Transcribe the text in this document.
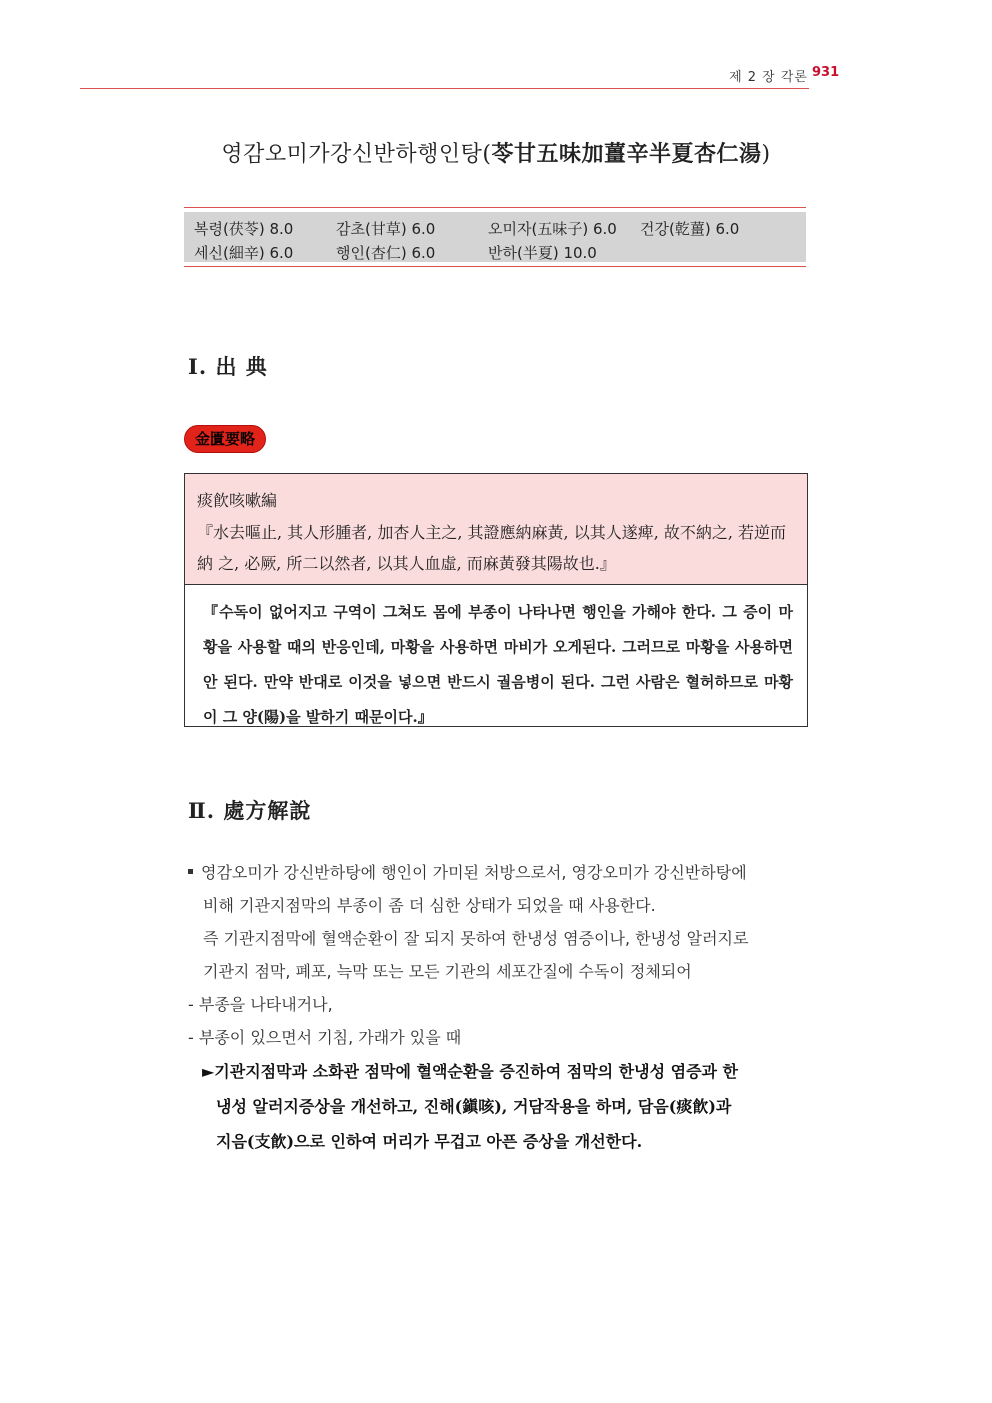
제 2 장 각론 931
영감오미가강신반하행인탕(苓甘五味加薑辛半夏杏仁湯)
복령(茯苓) 8.0	감초(甘草) 6.0	오미자(五味子) 6.0 건강(乾薑) 6.0
세신(細辛) 6.0	행인(杏仁) 6.0	반하(半夏) 10.0
Ⅰ. 出 典
金匱要略
痰飮咳嗽編
『水去嘔止, 其人形腫者, 加杏人主之, 其證應納麻黃, 以其人遂痺, 故不納之, 若逆而納 之, 必厥, 所二以然者, 以其人血虛, 而麻黃發其陽故也.』
『수독이 없어지고 구역이 그쳐도 몸에 부종이 나타나면 행인을 가해야 한다. 그 증이 마황을 사용할 때의 반응인데, 마황을 사용하면 마비가 오게된다. 그러므로 마황을 사용하면 안 된다. 만약 반대로 이것을 넣으면 반드시 궐음병이 된다. 그런 사람은 혈허하므로 마황이 그 양(陽)을 발하기 때문이다.』
Ⅱ. 處方解說
영감오미가 강신반하탕에 행인이 가미된 처방으로서, 영강오미가 강신반하탕에
비해 기관지점막의 부종이 좀 더 심한 상태가 되었을 때 사용한다.
즉 기관지점막에 혈액순환이 잘 되지 못하여 한냉성 염증이나, 한냉성 알러지로
기관지 점막, 폐포, 늑막 또는 모든 기관의 세포간질에 수독이 정체되어
- 부종을 나타내거나,
- 부종이 있으면서 기침, 가래가 있을 때
►기관지점막과 소화관 점막에 혈액순환을 증진하여 점막의 한냉성 염증과 한
냉성 알러지증상을 개선하고, 진해(鎭咳), 거담작용을 하며, 담음(痰飮)과
지음(支飮)으로 인하여 머리가 무겁고 아픈 증상을 개선한다.
